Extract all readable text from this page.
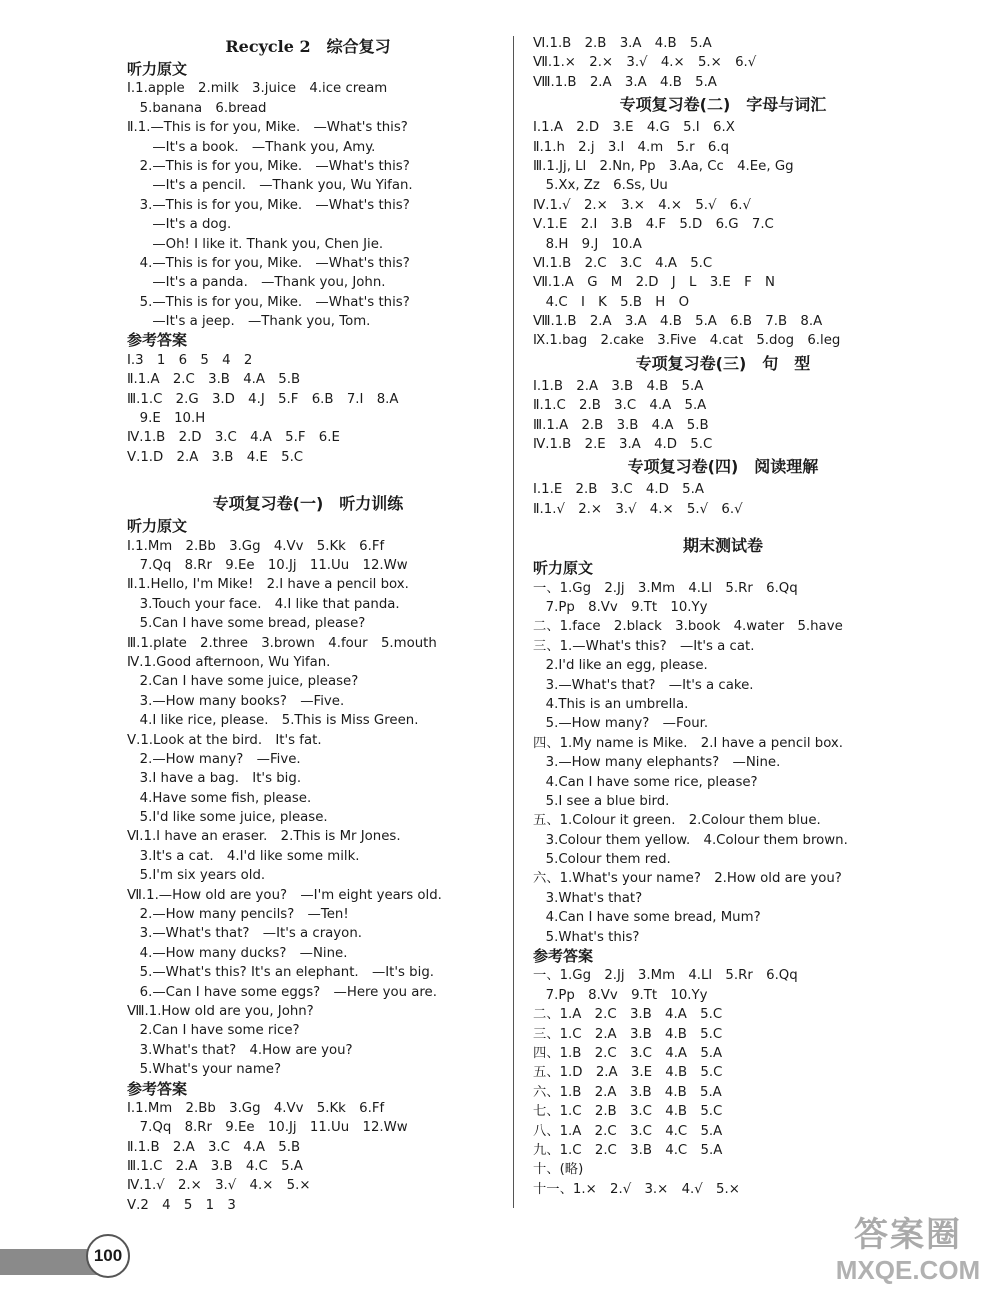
Recycle 2　综合复习
听力原文
Ⅰ.1.apple　2.milk　3.juice　4.ice cream
5.banana　6.bread
Ⅱ.1.—This is for you, Mike.　—What's this?
—It's a book.　—Thank you, Amy.
2.—This is for you, Mike.　—What's this?
—It's a pencil.　—Thank you, Wu Yifan.
3.—This is for you, Mike.　—What's this?
—It's a dog.
—Oh! I like it. Thank you, Chen Jie.
4.—This is for you, Mike.　—What's this?
—It's a panda.　—Thank you, John.
5.—This is for you, Mike.　—What's this?
—It's a jeep.　—Thank you, Tom.
参考答案
Ⅰ.3　1　6　5　4　2
Ⅱ.1.A　2.C　3.B　4.A　5.B
Ⅲ.1.C　2.G　3.D　4.J　5.F　6.B　7.I　8.A
9.E　10.H
Ⅳ.1.B　2.D　3.C　4.A　5.F　6.E
Ⅴ.1.D　2.A　3.B　4.E　5.C
专项复习卷(一)　听力训练
听力原文
Ⅰ.1.Mm　2.Bb　3.Gg　4.Vv　5.Kk　6.Ff
7.Qq　8.Rr　9.Ee　10.Jj　11.Uu　12.Ww
Ⅱ.1.Hello, I'm Mike!　2.I have a pencil box.
3.Touch your face.　4.I like that panda.
5.Can I have some bread, please?
Ⅲ.1.plate　2.three　3.brown　4.four　5.mouth
Ⅳ.1.Good afternoon, Wu Yifan.
2.Can I have some juice, please?
3.—How many books?　—Five.
4.I like rice, please.　5.This is Miss Green.
Ⅴ.1.Look at the bird.　It's fat.
2.—How many?　—Five.
3.I have a bag.　It's big.
4.Have some fish, please.
5.I'd like some juice, please.
Ⅵ.1.I have an eraser.　2.This is Mr Jones.
3.It's a cat.　4.I'd like some milk.
5.I'm six years old.
Ⅶ.1.—How old are you?　—I'm eight years old.
2.—How many pencils?　—Ten!
3.—What's that?　—It's a crayon.
4.—How many ducks?　—Nine.
5.—What's this? It's an elephant.　—It's big.
6.—Can I have some eggs?　—Here you are.
Ⅷ.1.How old are you, John?
2.Can I have some rice?
3.What's that?　4.How are you?
5.What's your name?
参考答案
Ⅰ.1.Mm　2.Bb　3.Gg　4.Vv　5.Kk　6.Ff
7.Qq　8.Rr　9.Ee　10.Jj　11.Uu　12.Ww
Ⅱ.1.B　2.A　3.C　4.A　5.B
Ⅲ.1.C　2.A　3.B　4.C　5.A
Ⅳ.1.√　2.×　3.√　4.×　5.×
Ⅴ.2　4　5　1　3
Ⅵ.1.B　2.B　3.A　4.B　5.A
Ⅶ.1.×　2.×　3.√　4.×　5.×　6.√
Ⅷ.1.B　2.A　3.A　4.B　5.A
专项复习卷(二)　字母与词汇
Ⅰ.1.A　2.D　3.E　4.G　5.I　6.X
Ⅱ.1.h　2.j　3.l　4.m　5.r　6.q
Ⅲ.1.Jj, Ll　2.Nn, Pp　3.Aa, Cc　4.Ee, Gg
5.Xx, Zz　6.Ss, Uu
Ⅳ.1.√　2.×　3.×　4.×　5.√　6.√
Ⅴ.1.E　2.I　3.B　4.F　5.D　6.G　7.C
8.H　9.J　10.A
Ⅵ.1.B　2.C　3.C　4.A　5.C
Ⅶ.1.A　G　M　2.D　J　L　3.E　F　N
4.C　I　K　5.B　H　O
Ⅷ.1.B　2.A　3.A　4.B　5.A　6.B　7.B　8.A
Ⅸ.1.bag　2.cake　3.Five　4.cat　5.dog　6.leg
专项复习卷(三)　句　型
Ⅰ.1.B　2.A　3.B　4.B　5.A
Ⅱ.1.C　2.B　3.C　4.A　5.A
Ⅲ.1.A　2.B　3.B　4.A　5.B
Ⅳ.1.B　2.E　3.A　4.D　5.C
专项复习卷(四)　阅读理解
Ⅰ.1.E　2.B　3.C　4.D　5.A
Ⅱ.1.√　2.×　3.√　4.×　5.√　6.√
期末测试卷
听力原文
一、1.Gg　2.Jj　3.Mm　4.Ll　5.Rr　6.Qq
7.Pp　8.Vv　9.Tt　10.Yy
二、1.face　2.black　3.book　4.water　5.have
三、1.—What's this?　—It's a cat.
2.I'd like an egg, please.
3.—What's that?　—It's a cake.
4.This is an umbrella.
5.—How many?　—Four.
四、1.My name is Mike.　2.I have a pencil box.
3.—How many elephants?　—Nine.
4.Can I have some rice, please?
5.I see a blue bird.
五、1.Colour it green.　2.Colour them blue.
3.Colour them yellow.　4.Colour them brown.
5.Colour them red.
六、1.What's your name?　2.How old are you?
3.What's that?
4.Can I have some bread, Mum?
5.What's this?
参考答案
一、1.Gg　2.Jj　3.Mm　4.Ll　5.Rr　6.Qq
7.Pp　8.Vv　9.Tt　10.Yy
二、1.A　2.C　3.B　4.A　5.C
三、1.C　2.A　3.B　4.B　5.C
四、1.B　2.C　3.C　4.A　5.A
五、1.D　2.A　3.E　4.B　5.C
六、1.B　2.A　3.B　4.B　5.A
七、1.C　2.B　3.C　4.B　5.C
八、1.A　2.C　3.C　4.C　5.A
九、1.C　2.C　3.B　4.C　5.A
十、(略)
十一、1.×　2.√　3.×　4.√　5.×
100
答案圈
MXQE.COM
